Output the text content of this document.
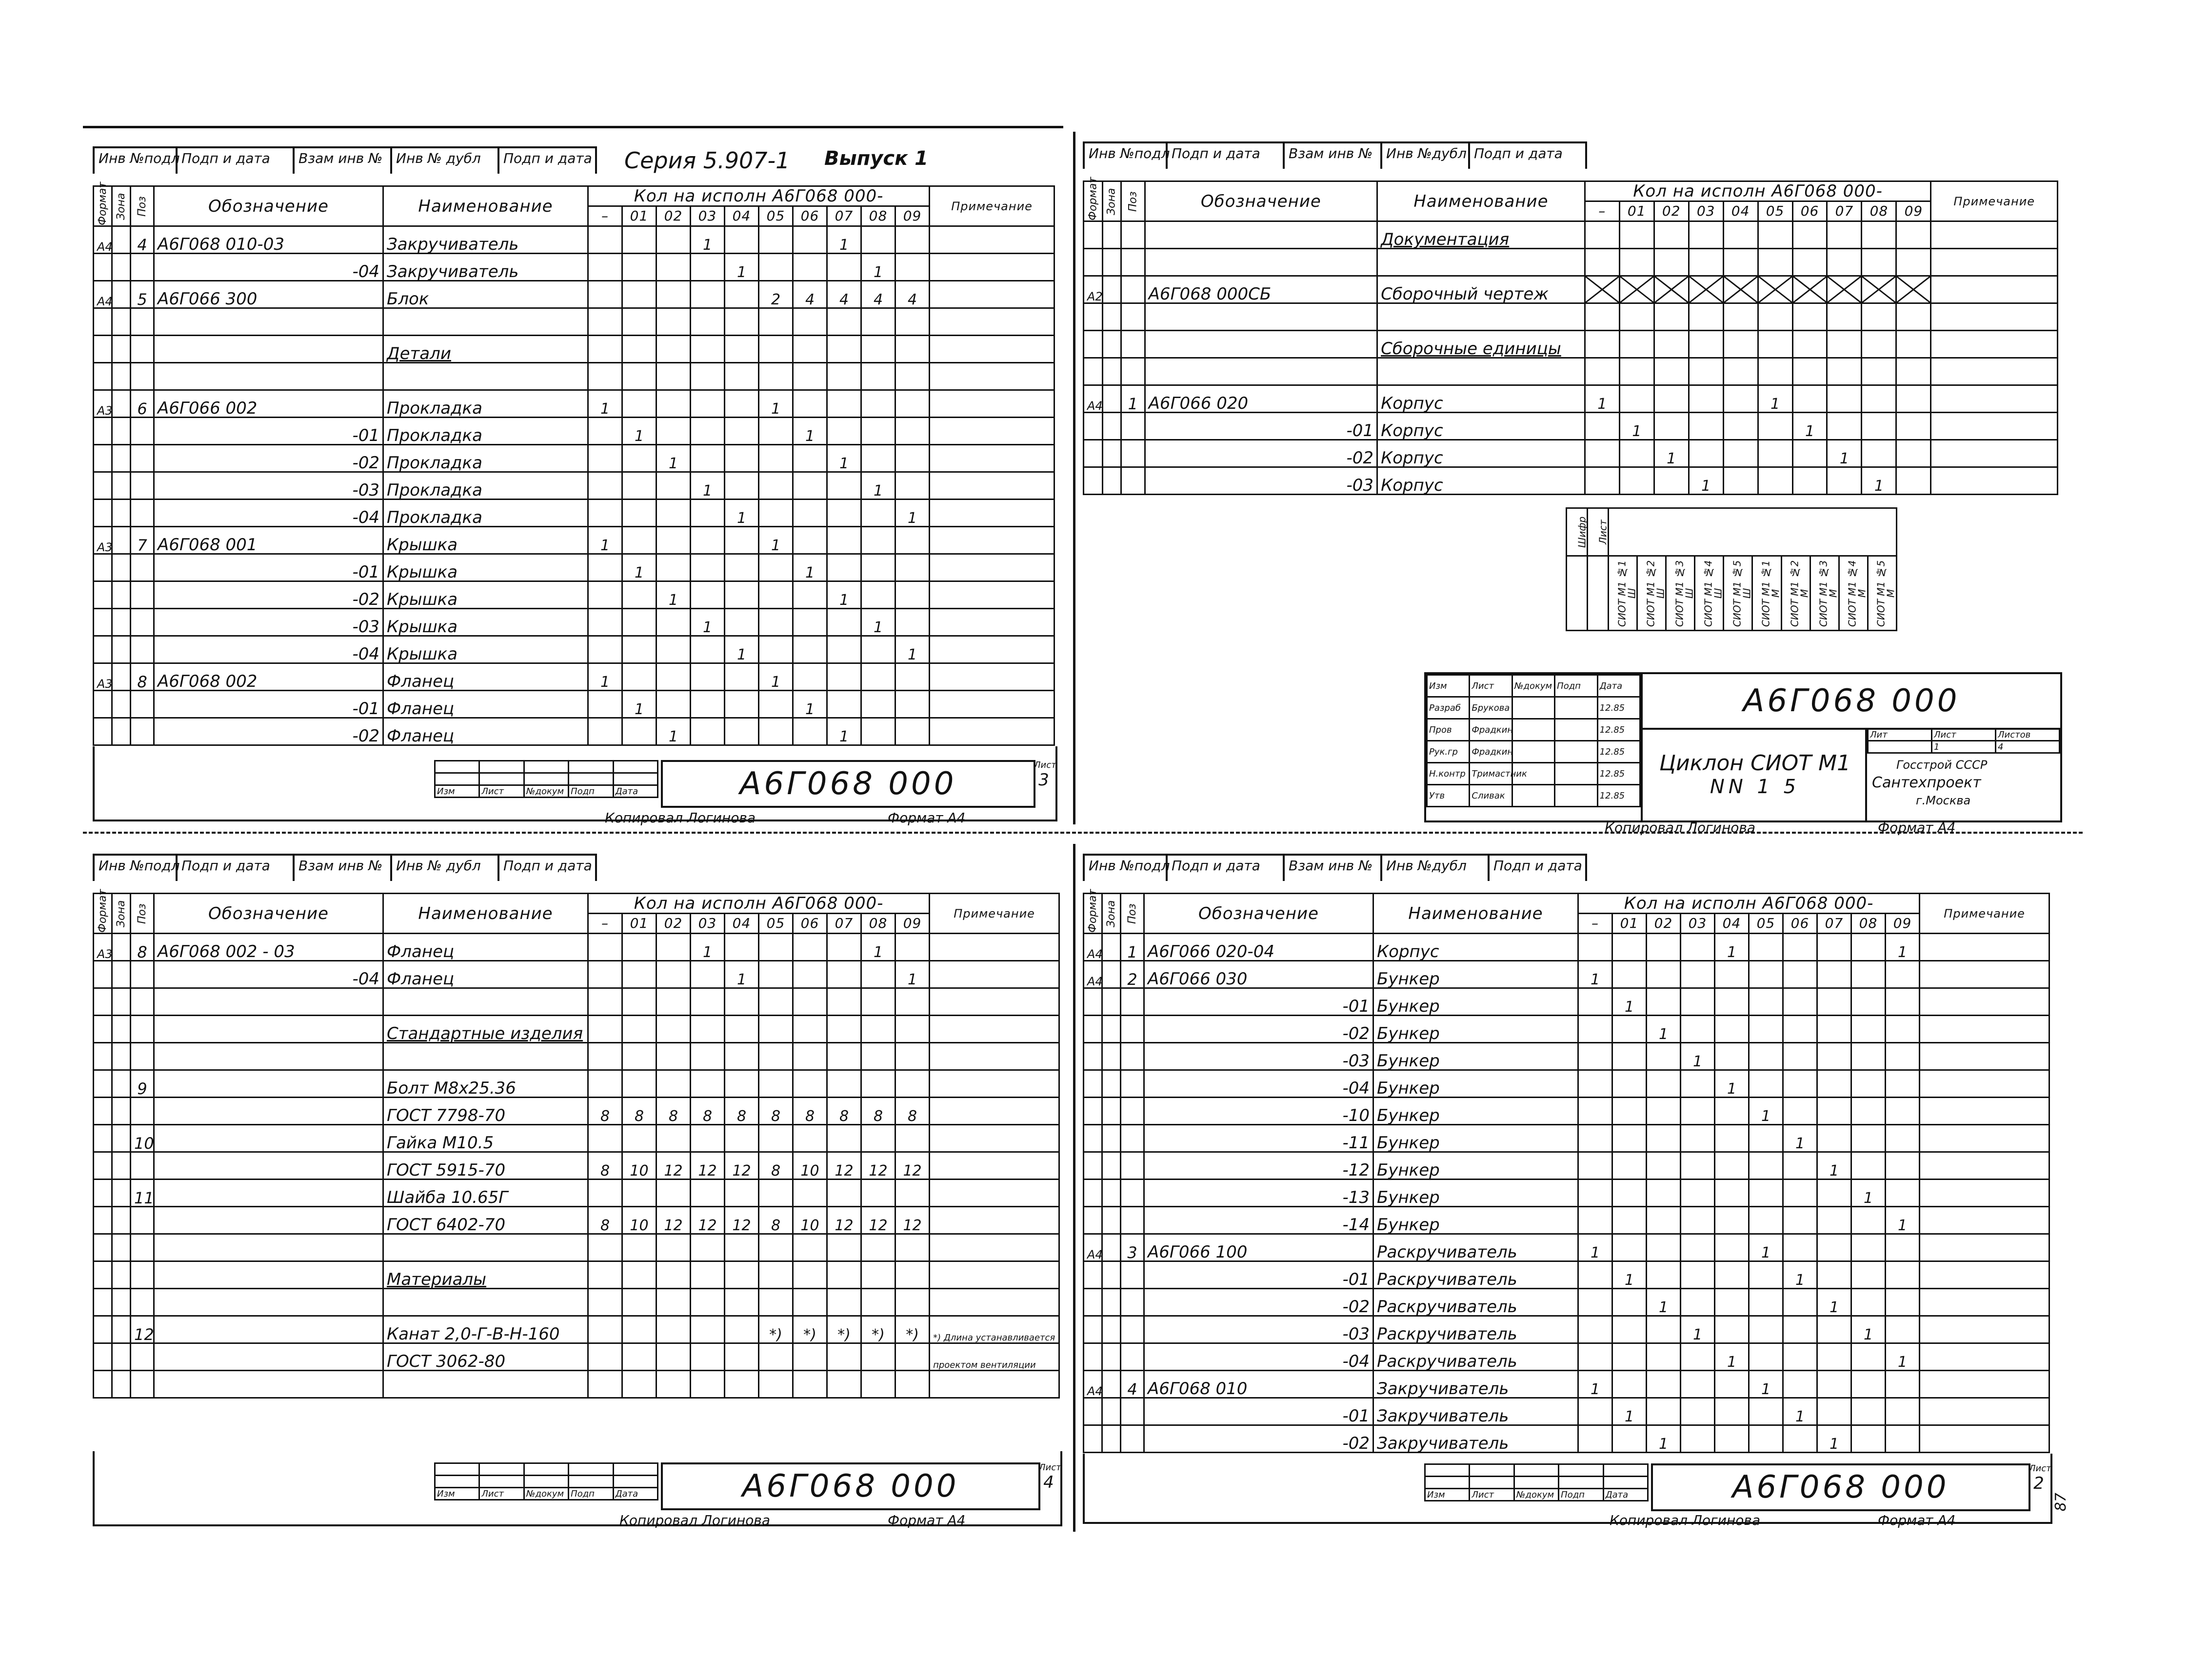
Инв №подл Подп и дата	Взам инв № Инв № дубл	Подп и дата Серия 5.907-1 Выпуск 1
Формат	Зона	Поз	Обозначение	Наименование	Кол на исполн А6Г068 000-										Примечание
					–	01	02	03	04	05	06	07	08	09	
А4		4	А6Г068 010-03	Закручиватель				1				1			
			-04	Закручиватель					1				1		
А4		5	А6Г066 300	Блок						2	4	4	4	4	

				Детали											

А3		6	А6Г066 002	Прокладка	1					1					
			-01	Прокладка		1					1				
			-02	Прокладка			1					1			
			-03	Прокладка				1					1		
			-04	Прокладка					1					1	
А3		7	А6Г068 001	Крышка	1					1					
			-01	Крышка		1					1				
			-02	Крышка			1					1			
			-03	Крышка				1					1		
			-04	Крышка					1					1	
А3		8	А6Г068 002	Фланец	1					1					
			-01	Фланец		1					1				
			-02	Фланец			1					1			

Изм	Лист	№докум	Подп	Дата	А6Г068 000
Лист
3
Копировал Логинова	Формат А4
Инв №подл Подп и дата	Взам инв № Инв №дубл Подп и дата
Формат	Зона	Поз	Обозначение	Наименование	Кол на исполн А6Г068 000-										Примечание
					–	01	02	03	04	05	06	07	08	09	
				Документация											

А2			А6Г068 000СБ	Сборочный чертеж	

				Сборочные единицы											

А4		1	А6Г066 020	Корпус	1					1					
			-01	Корпус		1					1				
			-02	Корпус			1					1			
			-03	Корпус				1					1		
Шифр	Лист										
		СИОТ М1 №1 Ш	СИОТ М1 №2 Ш	СИОТ М1 №3 Ш	СИОТ М1 №4 Ш	СИОТ М1 №5 Ш	СИОТ М1 №1 М	СИОТ М1 №2 М	СИОТ М1 №3 М	СИОТ М1 №4 М	СИОТ М1 №5 М
Изм	Лист	№докум	Подп	Дата
Разраб	Брукова			12.85
Пров	Фрадкин			12.85
Рук.гр	Фрадкин			12.85
Н.контр	Тримастник			12.85
Утв	Сливак			12.85
А6Г068 000
Циклон СИОТ М1
NN 1 5
Лит	Лист	Листов
	1	4
Госстрой СССР
Сантехпроект
г.Москва
Копировал Логинова	Формат А4
Инв №подл Подп и дата	Взам инв № Инв № дубл	Подп и дата
Формат	Зона	Поз	Обозначение	Наименование	Кол на исполн А6Г068 000-										Примечание
					–	01	02	03	04	05	06	07	08	09	
А3		8	А6Г068 002 - 03	Фланец				1					1		
			-04	Фланец					1					1	

				Стандартные изделия											

		9		Болт М8х25.36											
				ГОСТ 7798-70	8	8	8	8	8	8	8	8	8	8	
		10		Гайка М10.5											
				ГОСТ 5915-70	8	10	12	12	12	8	10	12	12	12	
		11		Шайба 10.65Г											
				ГОСТ 6402-70	8	10	12	12	12	8	10	12	12	12	

				Материалы											

		12		Канат 2,0-Г-В-Н-160						*)	*)	*)	*)	*)	*) Длина устанавливается
				ГОСТ 3062-80											проектом вентиляции

Изм	Лист	№докум	Подп	Дата	А6Г068 000
Лист
4
Копировал Логинова	Формат А4
Инв №подл Подп и дата	Взам инв № Инв №дубл	Подп и дата
Формат	Зона	Поз	Обозначение	Наименование	Кол на исполн А6Г068 000-										Примечание
					–	01	02	03	04	05	06	07	08	09	
А4		1	А6Г066 020-04	Корпус					1					1	
А4		2	А6Г066 030	Бункер	1										
			-01	Бункер		1									
			-02	Бункер			1								
			-03	Бункер				1							
			-04	Бункер					1						
			-10	Бункер						1					
			-11	Бункер							1				
			-12	Бункер								1			
			-13	Бункер									1		
			-14	Бункер										1	
А4		3	А6Г066 100	Раскручиватель	1					1					
			-01	Раскручиватель		1					1				
			-02	Раскручиватель			1					1			
			-03	Раскручиватель				1					1		
			-04	Раскручиватель					1					1	
А4		4	А6Г068 010	Закручиватель	1					1					
			-01	Закручиватель		1					1				
			-02	Закручиватель			1					1			

Изм	Лист	№докум	Подп	Дата	А6Г068 000
Лист
2
87
Копировал Логинова	Формат А4
